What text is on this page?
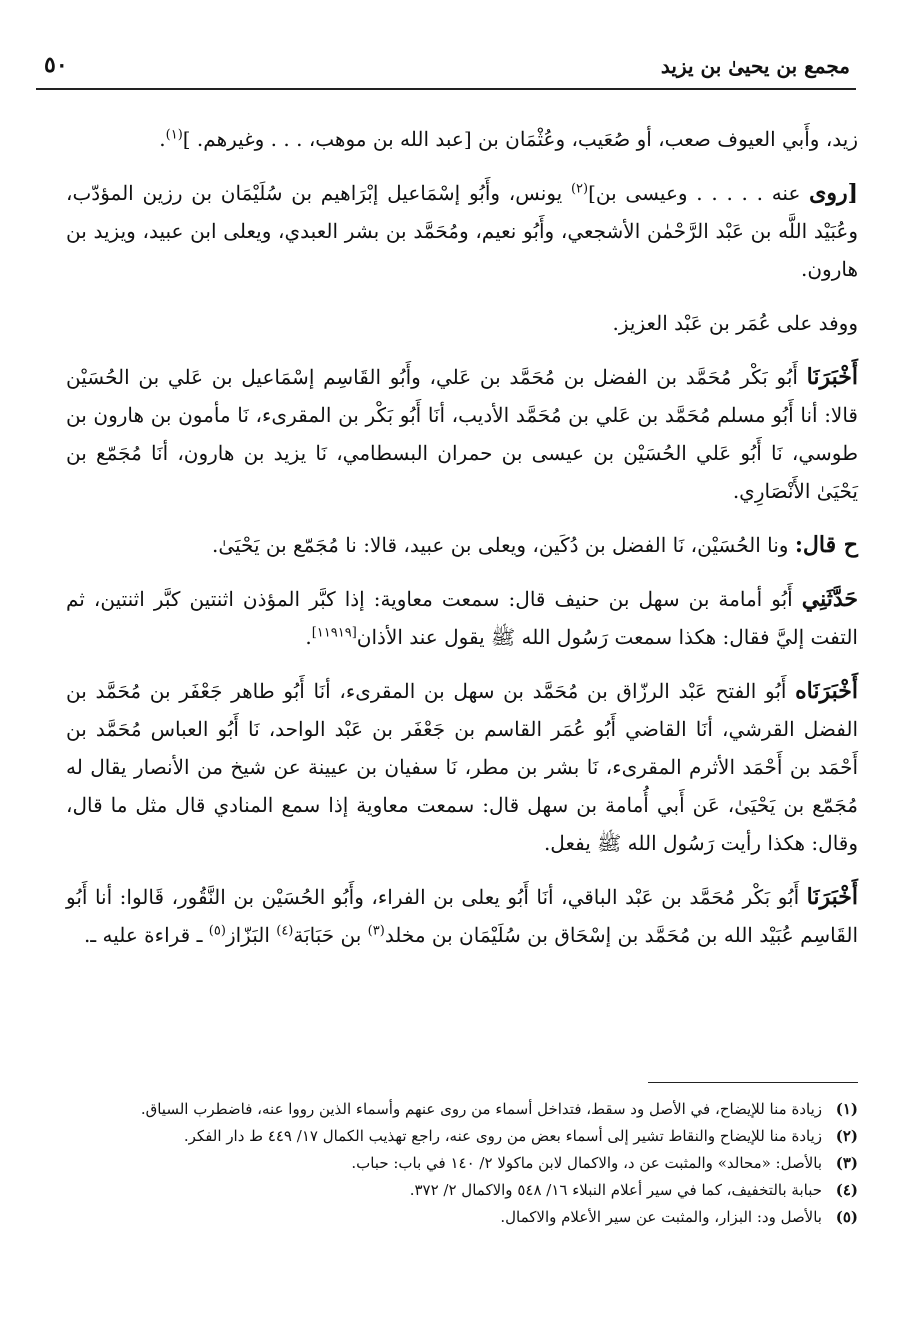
مجمع بن يحيىٰ بن يزيد
٥٠

زيد، وأَبي العيوف صعب، أو صُعَيب، وعُثْمَان بن [عبد الله بن موهب، . . . وغيرهم. ]$^{(١)}$.

[روى عنه . . . . . وعيسى بن]$^{(٢)}$ يونس، وأَبُو إسْمَاعيل إبْرَاهيم بن سُلَيْمَان بن رزين المؤدّب، وعُبَيْد اللَّه بن عَبْد الرَّحْمٰن الأشجعي، وأَبُو نعيم، ومُحَمَّد بن بشر العبدي، ويعلى ابن عبيد، ويزيد بن هارون.

ووفد على عُمَر بن عَبْد العزيز.

أَخْبَرَنَا أَبُو بَكْر مُحَمَّد بن الفضل بن مُحَمَّد بن عَلي، وأَبُو القَاسِم إسْمَاعيل بن عَلي بن الحُسَيْن قالا: أنا أَبُو مسلم مُحَمَّد بن عَلي بن مُحَمَّد الأديب، أنَا أَبُو بَكْر بن المقرىء، نَا مأمون بن هارون بن طوسي، نَا أَبُو عَلي الحُسَيْن بن عيسى بن حمران البسطامي، نَا يزيد بن هارون، أنَا مُجَمّع بن يَحْيَىٰ الأَنْصَارِي.

ح قال: ونا الحُسَيْن، نَا الفضل بن دُكَين، ويعلى بن عبيد، قالا: نا مُجَمّع بن يَحْيَىٰ.

حَدَّثَنِي أَبُو أمامة بن سهل بن حنيف قال: سمعت معاوية: إذا كبَّر المؤذن اثنتين كبَّر اثنتين، ثم التفت إليَّ فقال: هكذا سمعت رَسُول الله ﷺ يقول عند الأذان[١١٩١٩].

أَخْبَرَنَاه أَبُو الفتح عَبْد الرزّاق بن مُحَمَّد بن سهل بن المقرىء، أنَا أَبُو طاهر جَعْفَر بن مُحَمَّد بن الفضل القرشي، أنَا القاضي أَبُو عُمَر القاسم بن جَعْفَر بن عَبْد الواحد، نَا أَبُو العباس مُحَمَّد بن أَحْمَد بن أَحْمَد الأثرم المقرىء، نَا بشر بن مطر، نَا سفيان بن عيينة عن شيخ من الأنصار يقال له مُجَمّع بن يَحْيَىٰ، عَن أَبي أُمامة بن سهل قال: سمعت معاوية إذا سمع المنادي قال مثل ما قال، وقال: هكذا رأيت رَسُول الله ﷺ يفعل.

أَخْبَرَنَا أَبُو بَكْر مُحَمَّد بن عَبْد الباقي، أنَا أَبُو يعلى بن الفراء، وأَبُو الحُسَيْن بن النَّقُور، قَالوا: أنا أَبُو القَاسِم عُبَيْد الله بن مُحَمَّد بن إسْحَاق بن سُلَيْمَان بن مخلد$^{(٣)}$ بن حَبَابَة$^{(٤)}$ البَزّاز$^{(٥)}$ ـ قراءة عليه ـ.

(١)زيادة منا للإيضاح، في الأصل ود سقط، فتداخل أسماء من روى عنهم وأسماء الذين رووا عنه، فاضطرب السياق.

(٢)زيادة منا للإيضاح والنقاط تشير إلى أسماء بعض من روى عنه، راجع تهذيب الكمال ١٧/ ٤٤٩ ط دار الفكر.

(٣)بالأصل: «محالد» والمثبت عن د، والاكمال لابن ماكولا ٢/ ١٤٠ في باب: حباب.

(٤)حبابة بالتخفيف، كما في سير أعلام النبلاء ١٦/ ٥٤٨ والاكمال ٢/ ٣٧٢.

(٥)بالأصل ود: البزار، والمثبت عن سير الأعلام والاكمال.
